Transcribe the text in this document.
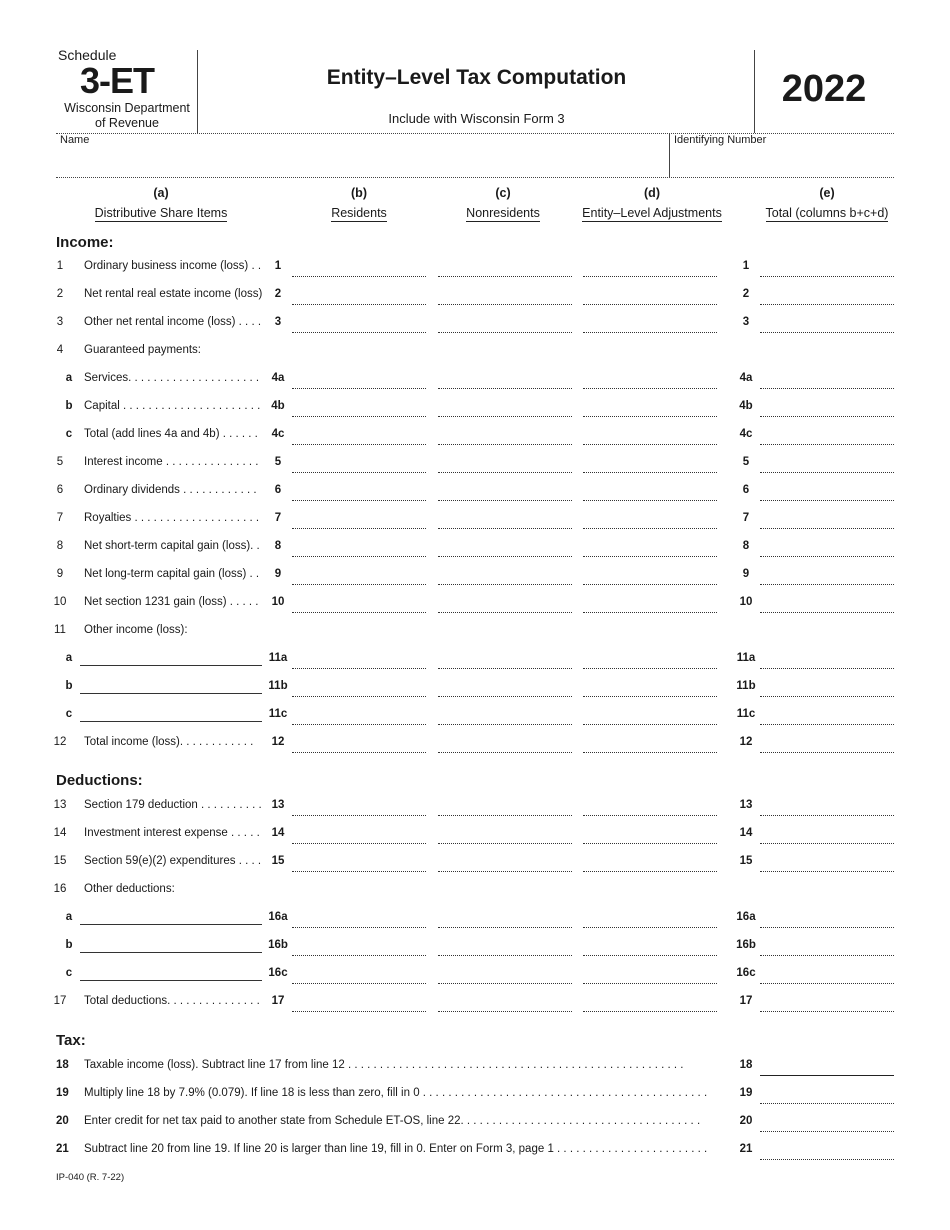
Schedule
3-ET
Wisconsin Department
of Revenue
Entity–Level Tax Computation
Include with Wisconsin Form 3
2022
Name	Identifying Number
(a)
Distributive Share Items
(b)
Residents
(c)
Nonresidents
(d)
Entity–Level Adjustments
(e)
Total (columns b+c+d)
Income:
Deductions:
Tax:
1	Ordinary business income (loss) . .	1	1
2	Net rental real estate income (loss)	2	2
3	Other net rental income (loss) . . . .	3	3
4	Guaranteed payments:
a	Services. . . . . . . . . . . . . . . . . . . . .	4a	4a
b Capital . . . . . . . . . . . . . . . . . . . . . . 4b	4b
c	Total (add lines 4a and 4b) . . . . . .	4c	4c
5	Interest income . . . . . . . . . . . . . . .	5	5
6	Ordinary dividends . . . . . . . . . . . .	6	6
7	Royalties . . . . . . . . . . . . . . . . . . . .	7	7
8	Net short-term capital gain (loss). .	8	8
9	Net long-term capital gain (loss) . .	9	9
10	Net section 1231 gain (loss) . . . . .	10	10
11	Other income (loss):
a	11a	11a
b	11b	11b
c	11c	11c
12	Total income (loss). . . . . . . . . . . .	12	12
13	Section 179 deduction . . . . . . . . . . 13	13
14	Investment interest expense . . . . .	14	14
15	Section 59(e)(2) expenditures . . . . 15	15
16	Other deductions:
a	16a	16a
b	16b	16b
c	16c	16c
17	Total deductions. . . . . . . . . . . . . . .	17	17
18 Taxable income (loss). Subtract line 17 from line 12 . . . . . . . . . . . . . . . . . . . . . . . . . . . . . . . . . . . . . . . . . . . . . . . . . . . . .	18
19 Multiply line 18 by 7.9% (0.079). If line 18 is less than zero, fill in 0 . . . . . . . . . . . . . . . . . . . . . . . . . . . . . . . . . . . . . . . . . . . . .	19
20 Enter credit for net tax paid to another state from Schedule ET-OS, line 22. . . . . . . . . . . . . . . . . . . . . . . . . . . . . . . . . . . . . .	20
21 Subtract line 20 from line 19. If line 20 is larger than line 19, fill in 0. Enter on Form 3, page 1 . . . . . . . . . . . . . . . . . . . . . . . .	21
IP-040 (R. 7-22)
